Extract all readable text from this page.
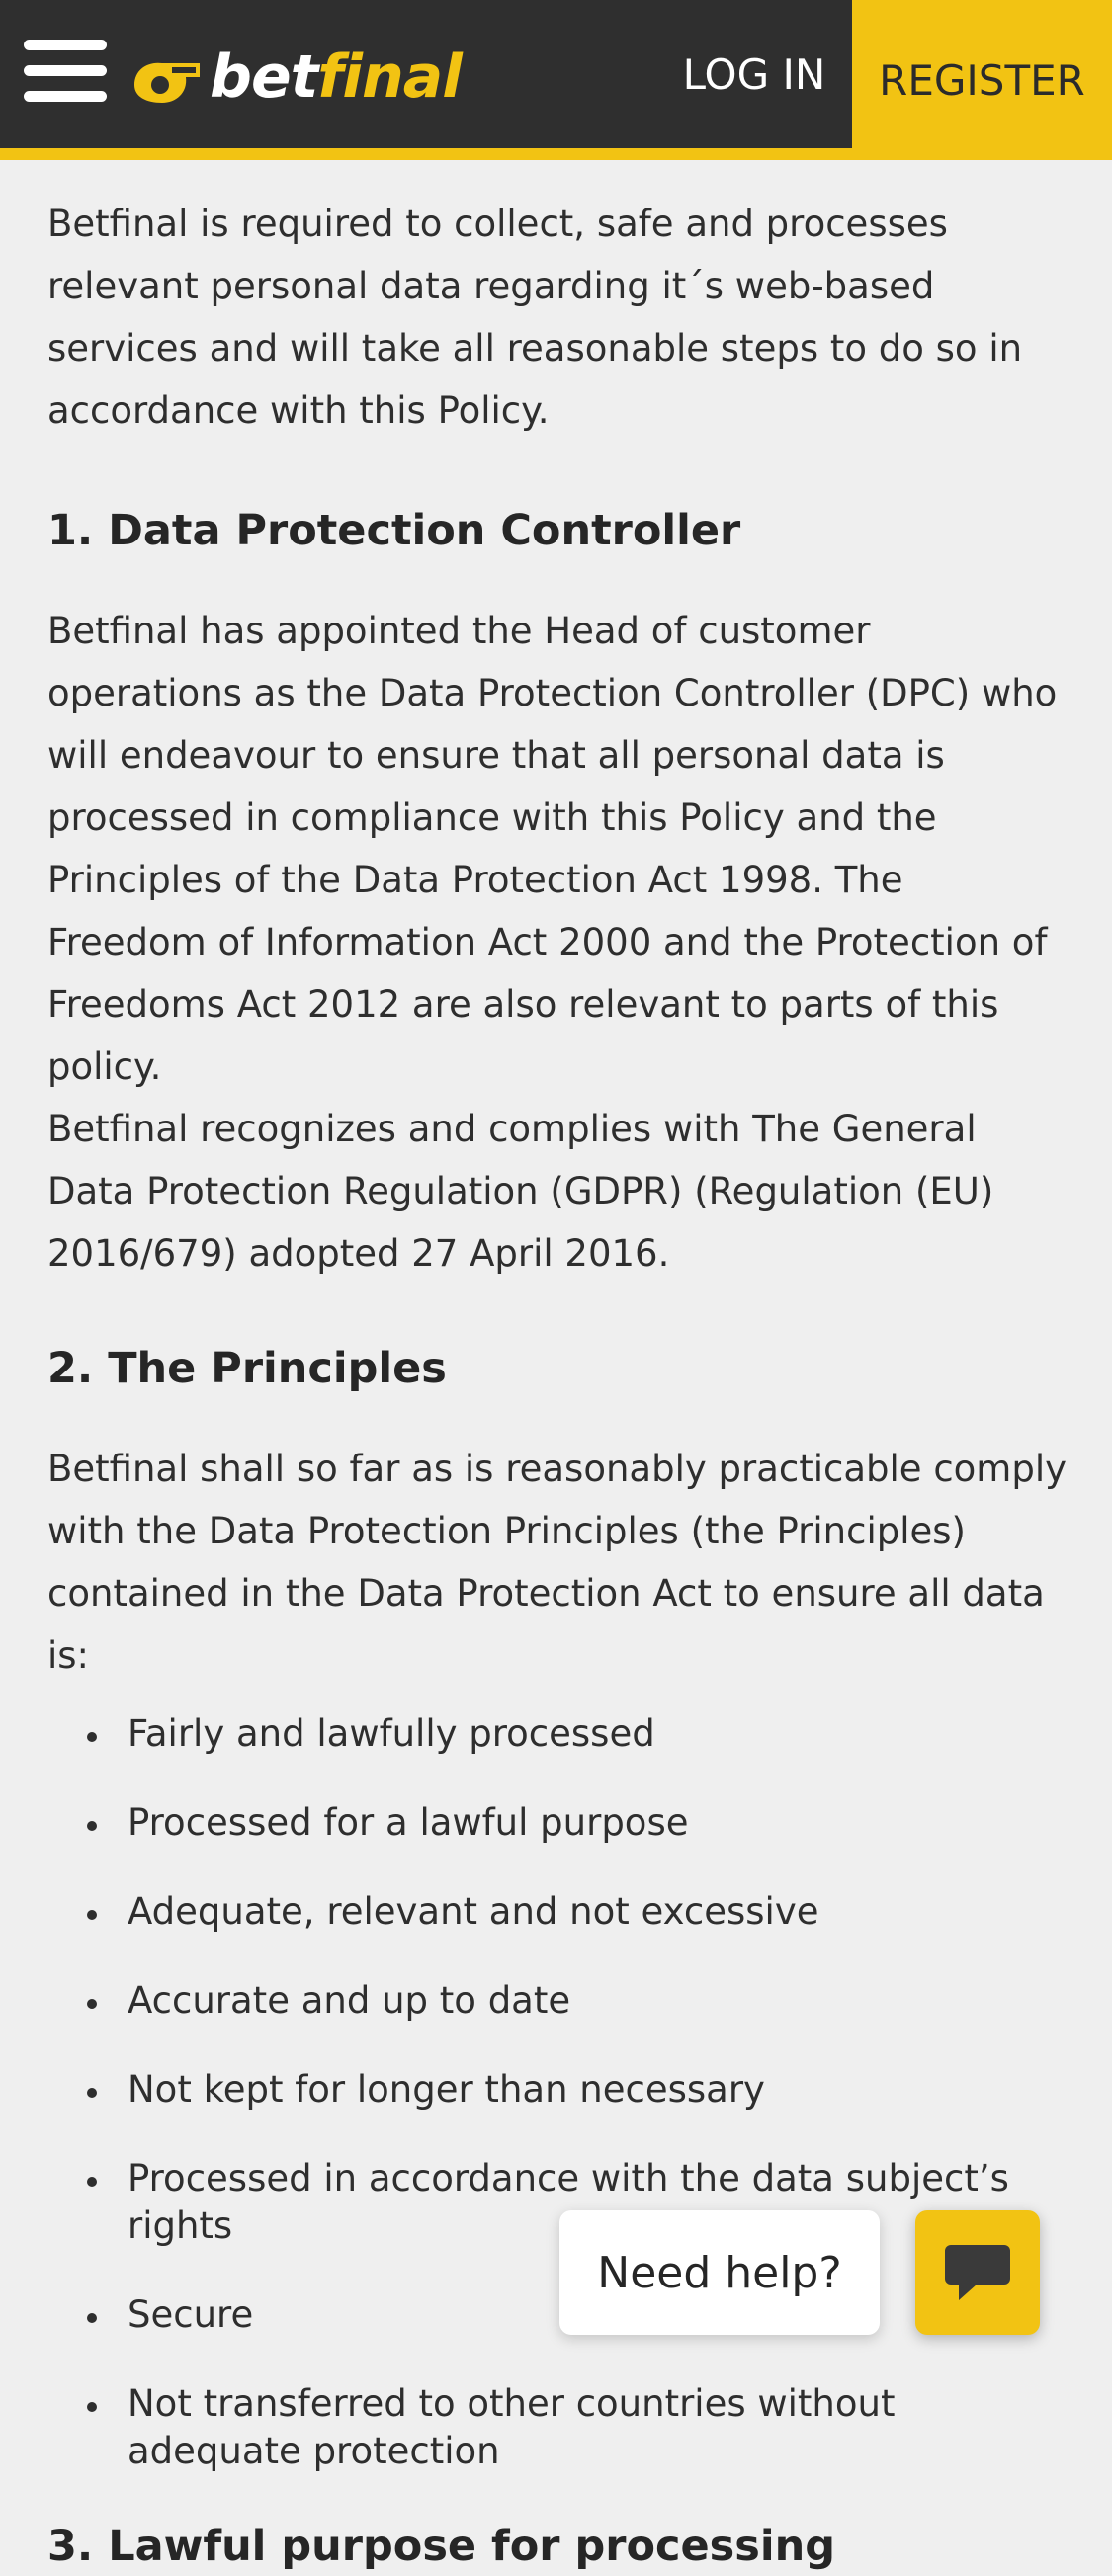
betfinal	LOG IN	REGISTER

Betfinal is required to collect, safe and processes relevant personal data regarding it´s web-based services and will take all reasonable steps to do so in accordance with this Policy.

1. Data Protection Controller

Betfinal has appointed the Head of customer operations as the Data Protection Controller (DPC) who will endeavour to ensure that all personal data is processed in compliance with this Policy and the Principles of the Data Protection Act 1998. The Freedom of Information Act 2000 and the Protection of Freedoms Act 2012 are also relevant to parts of this policy.

Betfinal recognizes and complies with The General Data Protection Regulation (GDPR) (Regulation (EU) 2016/679) adopted 27 April 2016.

2. The Principles

Betfinal shall so far as is reasonably practicable comply with the Data Protection Principles (the Principles) contained in the Data Protection Act to ensure all data is:

Fairly and lawfully processed
Processed for a lawful purpose
Adequate, relevant and not excessive
Accurate and up to date
Not kept for longer than necessary
Processed in accordance with the data subject’s rights
Secure
Not transferred to other countries without adequate protection
3. Lawful purpose for processing
Need help?
